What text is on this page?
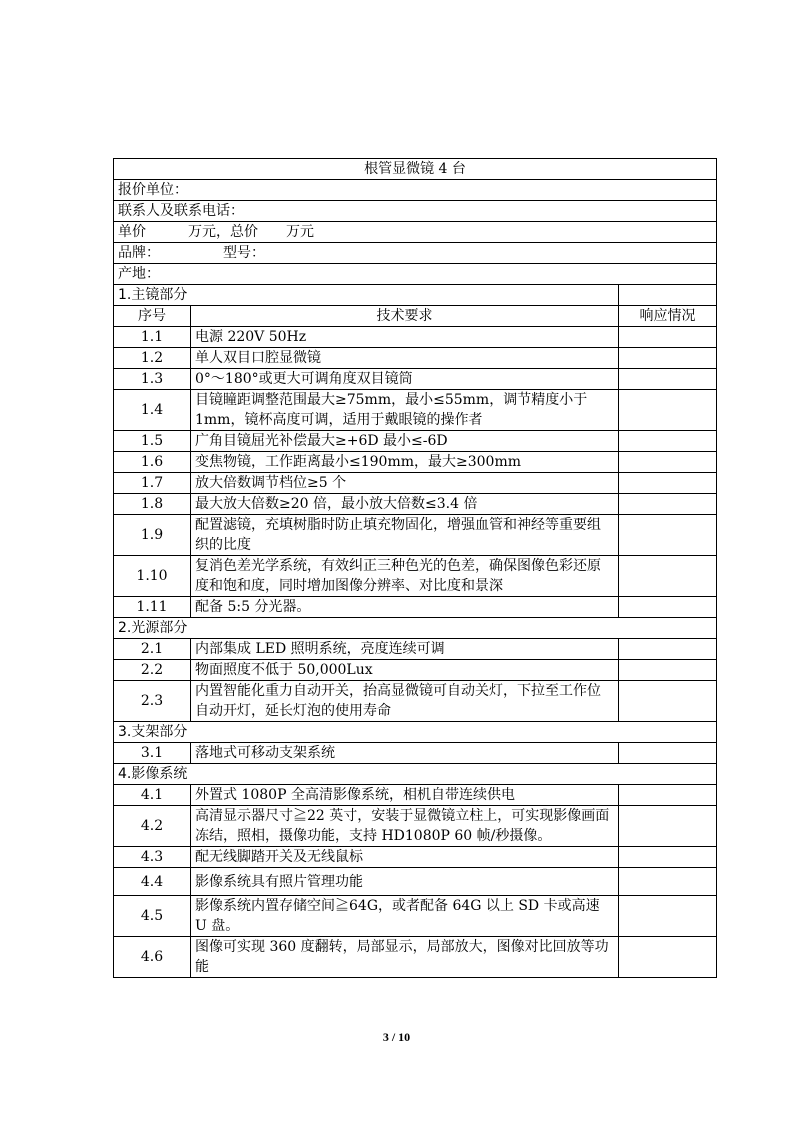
根管显微镜 4 台		
报价单位：		
联系人及联系电话：		
单价　　　万元，总价　　万元		
品牌：　　　　　型号：		
产地：		
1.主镜部分		
序号	技术要求	响应情况
1.1	电源 220V 50Hz	
1.2	单人双目口腔显微镜	
1.3	0°～180°或更大可调角度双目镜筒	
1.4	目镜瞳距调整范围最大≥75mm，最小≤55mm，调节精度小于1mm，镜杯高度可调，适用于戴眼镜的操作者	
1.5	广角目镜屈光补偿最大≥+6D 最小≤-6D	
1.6	变焦物镜，工作距离最小≤190mm，最大≥300mm	
1.7	放大倍数调节档位≥5 个	
1.8	最大放大倍数≥20 倍，最小放大倍数≤3.4 倍	
1.9	配置滤镜，充填树脂时防止填充物固化，增强血管和神经等重要组织的比度	
1.10	复消色差光学系统，有效纠正三种色光的色差，确保图像色彩还原度和饱和度，同时增加图像分辨率、对比度和景深	
1.11	配备 5:5 分光器。	
2.光源部分		
2.1	内部集成 LED 照明系统，亮度连续可调	
2.2	物面照度不低于 50,000Lux	
2.3	内置智能化重力自动开关，抬高显微镜可自动关灯，下拉至工作位自动开灯，延长灯泡的使用寿命	
3.支架部分		
3.1	落地式可移动支架系统	
4.影像系统		
4.1	外置式 1080P 全高清影像系统，相机自带连续供电	
4.2	高清显示器尺寸≧22 英寸，安装于显微镜立柱上，可实现影像画面冻结，照相，摄像功能，支持 HD1080P 60 帧/秒摄像。	
4.3	配无线脚踏开关及无线鼠标	
4.4	影像系统具有照片管理功能	
4.5	影像系统内置存储空间≧64G，或者配备 64G 以上 SD 卡或高速 U 盘。	
4.6	图像可实现 360 度翻转，局部显示，局部放大，图像对比回放等功能	
3 / 10
